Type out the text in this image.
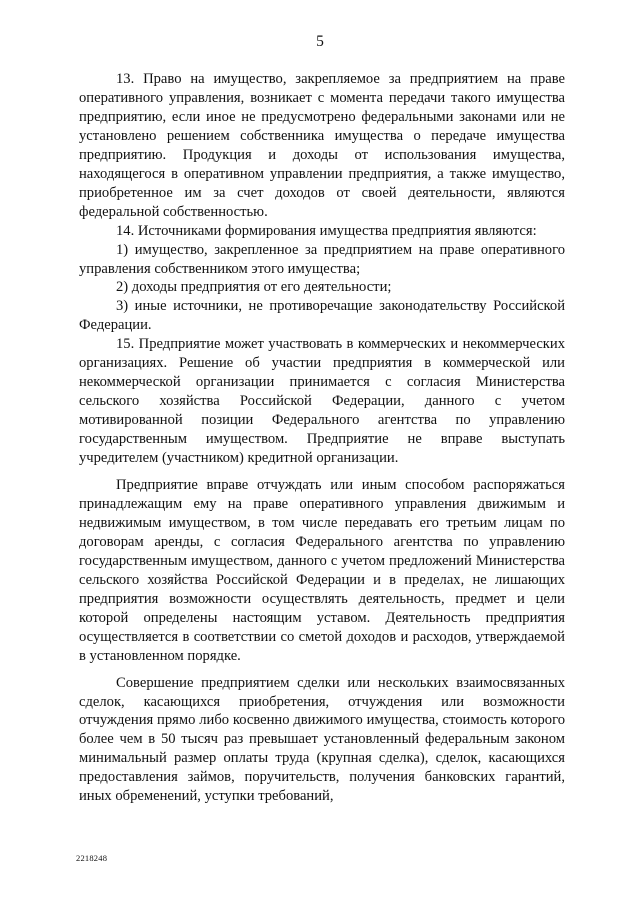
5

13. Право на имущество, закрепляемое за предприятием на праве оперативного управления, возникает с момента передачи такого имущества предприятию, если иное не предусмотрено федеральными законами или не установлено решением собственника имущества о передаче имущества предприятию. Продукция и доходы от использования имущества, находящегося в оперативном управлении предприятия, а также имущество, приобретенное им за счет доходов от своей деятельности, являются федеральной собственностью.

14. Источниками формирования имущества предприятия являются:

1) имущество, закрепленное за предприятием на праве оперативного управления собственником этого имущества;

2) доходы предприятия от его деятельности;

3) иные источники, не противоречащие законодательству Российской Федерации.

15. Предприятие может участвовать в коммерческих и некоммерческих организациях. Решение об участии предприятия в коммерческой или некоммерческой организации принимается с согласия Министерства сельского хозяйства Российской Федерации, данного с учетом мотивированной позиции Федерального агентства по управлению государственным имуществом. Предприятие не вправе выступать учредителем (участником) кредитной организации.

Предприятие вправе отчуждать или иным способом распоряжаться принадлежащим ему на праве оперативного управления движимым и недвижимым имуществом, в том числе передавать его третьим лицам по договорам аренды, с согласия Федерального агентства по управлению государственным имуществом, данного с учетом предложений Министерства сельского хозяйства Российской Федерации и в пределах, не лишающих предприятия возможности осуществлять деятельность, предмет и цели которой определены настоящим уставом. Деятельность предприятия осуществляется в соответствии со сметой доходов и расходов, утверждаемой в установленном порядке.

Совершение предприятием сделки или нескольких взаимосвязанных сделок, касающихся приобретения, отчуждения или возможности отчуждения прямо либо косвенно движимого имущества, стоимость которого более чем в 50 тысяч раз превышает установленный федеральным законом минимальный размер оплаты труда (крупная сделка), сделок, касающихся предоставления займов, поручительств, получения банковских гарантий, иных обременений, уступки требований,

2218248
